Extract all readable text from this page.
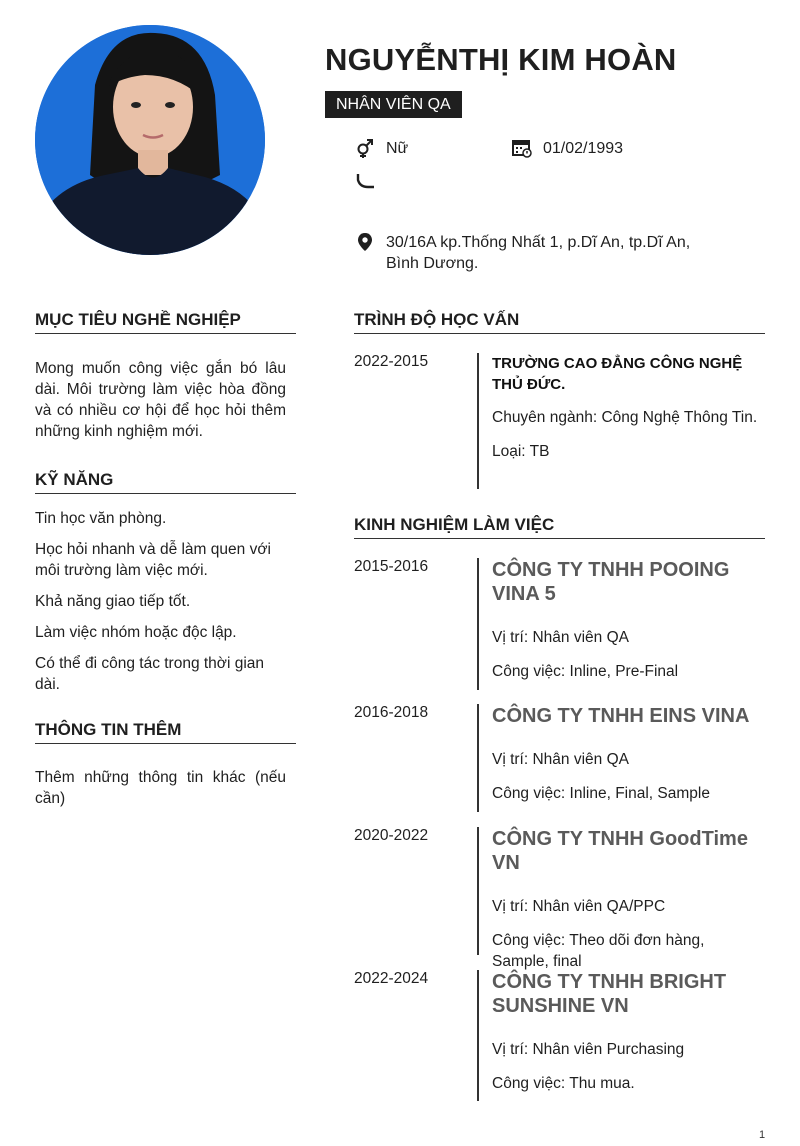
NGUYỄNTHỊ KIM HOÀN
NHÂN VIÊN QA
Nữ	01/02/1993
30/16A kp.Thống Nhất 1, p.Dĩ An, tp.Dĩ An,
Bình Dương.
MỤC TIÊU NGHỀ NGHIỆP
Mong muốn công việc gắn bó lâu dài. Môi trường làm việc hòa đồng và có nhiều cơ hội để học hỏi thêm những kinh nghiệm mới.
KỸ NĂNG
Tin học văn phòng.
Học hỏi nhanh và dễ làm quen với môi trường làm việc mới.
Khả năng giao tiếp tốt.
Làm việc nhóm hoặc độc lập.
Có thể đi công tác trong thời gian dài.
THÔNG TIN THÊM
Thêm những thông tin khác (nếu cần)
TRÌNH ĐỘ HỌC VẤN
2022-2015	TRƯỜNG CAO ĐẲNG CÔNG NGHỆ THỦ ĐỨC.

Chuyên ngành: Công Nghệ Thông Tin.

Loại: TB

KINH NGHIỆM LÀM VIỆC
2015-2016	CÔNG TY TNHH POOING VINA 5

Vị trí: Nhân viên QA

Công việc: Inline, Pre-Final

2016-2018	CÔNG TY TNHH EINS VINA

Vị trí: Nhân viên QA

Công việc: Inline, Final, Sample

2020-2022	CÔNG TY TNHH GoodTime VN

Vị trí: Nhân viên QA/PPC

Công việc: Theo dõi đơn hàng, Sample, final

2022-2024	CÔNG TY TNHH BRIGHT SUNSHINE VN

Vị trí: Nhân viên Purchasing

Công việc: Thu mua.

1
